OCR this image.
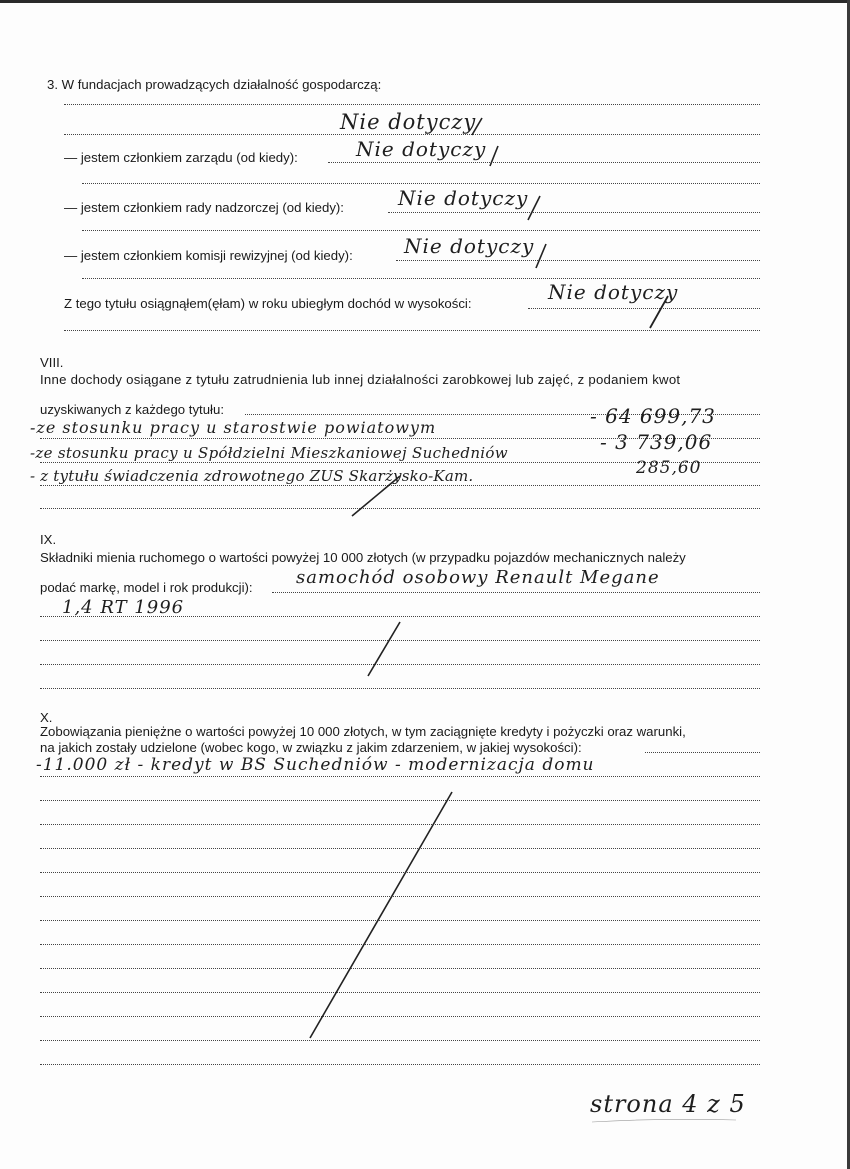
3. W fundacjach prowadzących działalność gospodarczą:
Nie dotyczy
— jestem członkiem zarządu (od kiedy):	Nie dotyczy
— jestem członkiem rady nadzorczej (od kiedy):	Nie dotyczy
— jestem członkiem komisji rewizyjnej (od kiedy):	Nie dotyczy
Z tego tytułu osiągnąłem(ęłam) w roku ubiegłym dochód w wysokości:	Nie dotyczy
VIII.
Inne dochody osiągane z tytułu zatrudnienia lub innej działalności zarobkowej lub zajęć, z podaniem kwot
uzyskiwanych z każdego tytułu:
-ze stosunku pracy u starostwie powiatowym	- 64 699,73
-ze stosunku pracy u Spółdzielni Mieszkaniowej Suchedniów	- 3 739,06
- z tytułu świadczenia zdrowotnego ZUS Skarżysko-Kam.	285,60
IX.
Składniki mienia ruchomego o wartości powyżej 10 000 złotych (w przypadku pojazdów mechanicznych należy
podać markę, model i rok produkcji): samochód osobowy Renault Megane
1,4 RT 1996
X.
Zobowiązania pieniężne o wartości powyżej 10 000 złotych, w tym zaciągnięte kredyty i pożyczki oraz warunki,
na jakich zostały udzielone (wobec kogo, w związku z jakim zdarzeniem, w jakiej wysokości):
-11.000 zł - kredyt w BS Suchedniów - modernizacja domu
strona 4 z 5
